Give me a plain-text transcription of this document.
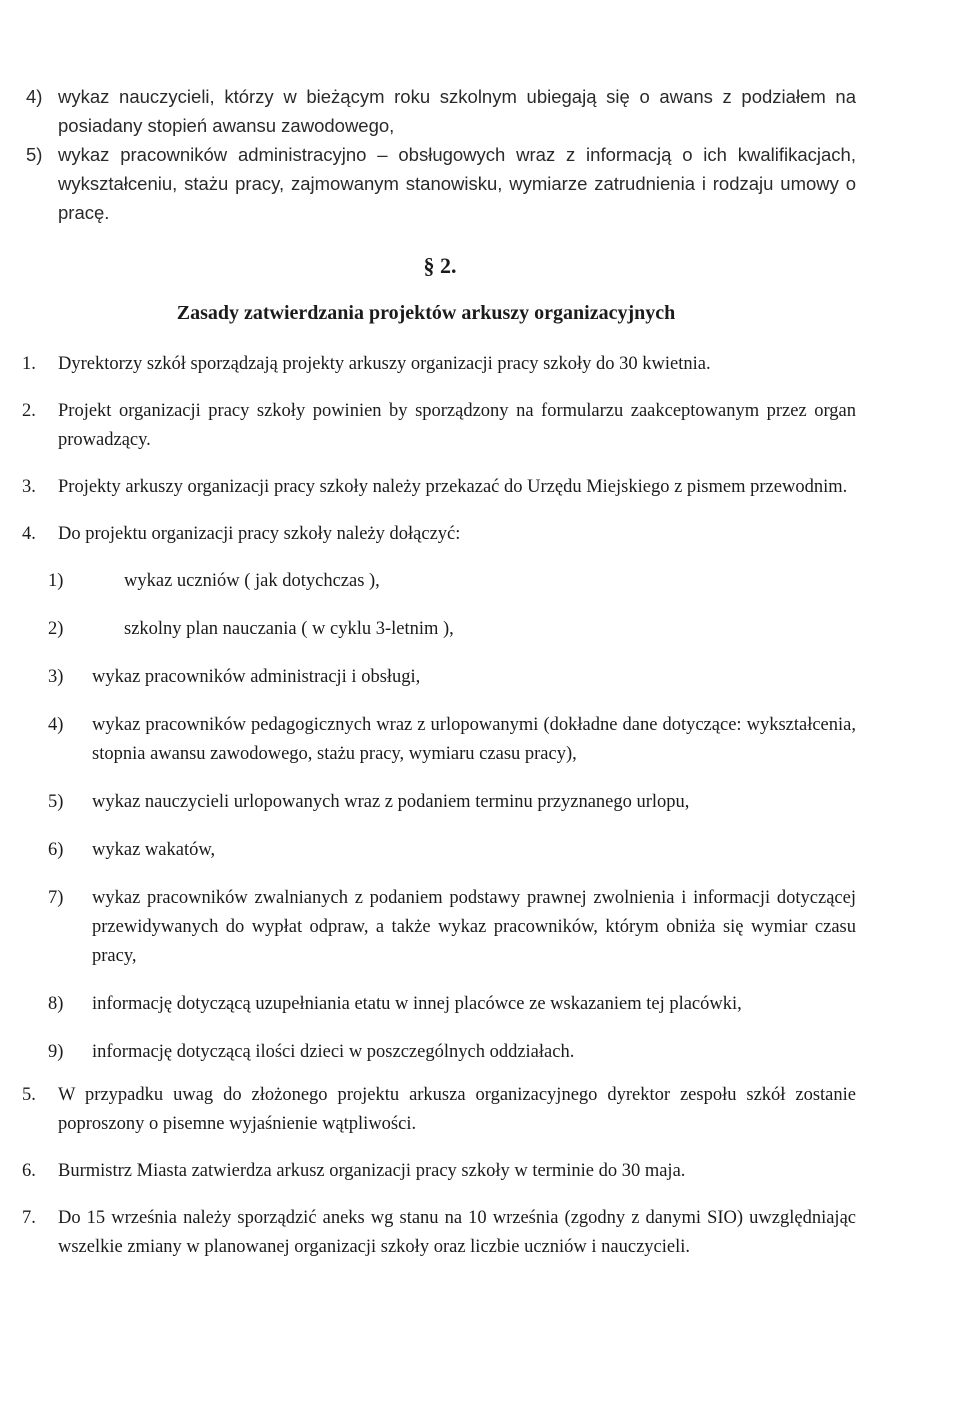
4) wykaz nauczycieli, którzy w bieżącym roku szkolnym ubiegają się o awans z podziałem na posiadany stopień awansu zawodowego,
5) wykaz pracowników administracyjno – obsługowych wraz z informacją o ich kwalifikacjach, wykształceniu, stażu pracy, zajmowanym stanowisku, wymiarze zatrudnienia i rodzaju umowy o pracę.
§ 2.
Zasady zatwierdzania projektów arkuszy organizacyjnych
1.	Dyrektorzy szkół sporządzają projekty arkuszy organizacji pracy szkoły do 30 kwietnia.
2.	Projekt organizacji pracy szkoły powinien by sporządzony na formularzu zaakceptowanym przez organ prowadzący.
3.	Projekty arkuszy organizacji pracy szkoły należy przekazać do Urzędu Miejskiego z pismem przewodnim.
4.	Do projektu organizacji pracy szkoły należy dołączyć:
1)	wykaz uczniów ( jak dotychczas ),
2)	szkolny plan nauczania ( w cyklu 3-letnim ),
3)	wykaz pracowników administracji i obsługi,
4)	wykaz pracowników pedagogicznych wraz z urlopowanymi (dokładne dane dotyczące: wykształcenia, stopnia awansu zawodowego, stażu pracy, wymiaru czasu pracy),
5)	wykaz nauczycieli urlopowanych wraz z podaniem terminu przyznanego urlopu,
6)	wykaz wakatów,
7)	wykaz pracowników zwalnianych z podaniem podstawy prawnej zwolnienia i informacji dotyczącej przewidywanych do wypłat odpraw, a także wykaz pracowników, którym obniża się wymiar czasu pracy,
8)	informację dotyczącą uzupełniania etatu w innej placówce ze wskazaniem tej placówki,
9)	informację dotyczącą ilości dzieci w poszczególnych oddziałach.
5.	W przypadku uwag do złożonego projektu arkusza organizacyjnego dyrektor zespołu szkół zostanie poproszony o pisemne wyjaśnienie wątpliwości.
6.	Burmistrz Miasta zatwierdza arkusz organizacji pracy szkoły w terminie do 30 maja.
7.	Do 15 września należy sporządzić aneks wg stanu na 10 września (zgodny z danymi SIO) uwzględniając wszelkie zmiany w planowanej organizacji szkoły oraz liczbie uczniów i nauczycieli.
